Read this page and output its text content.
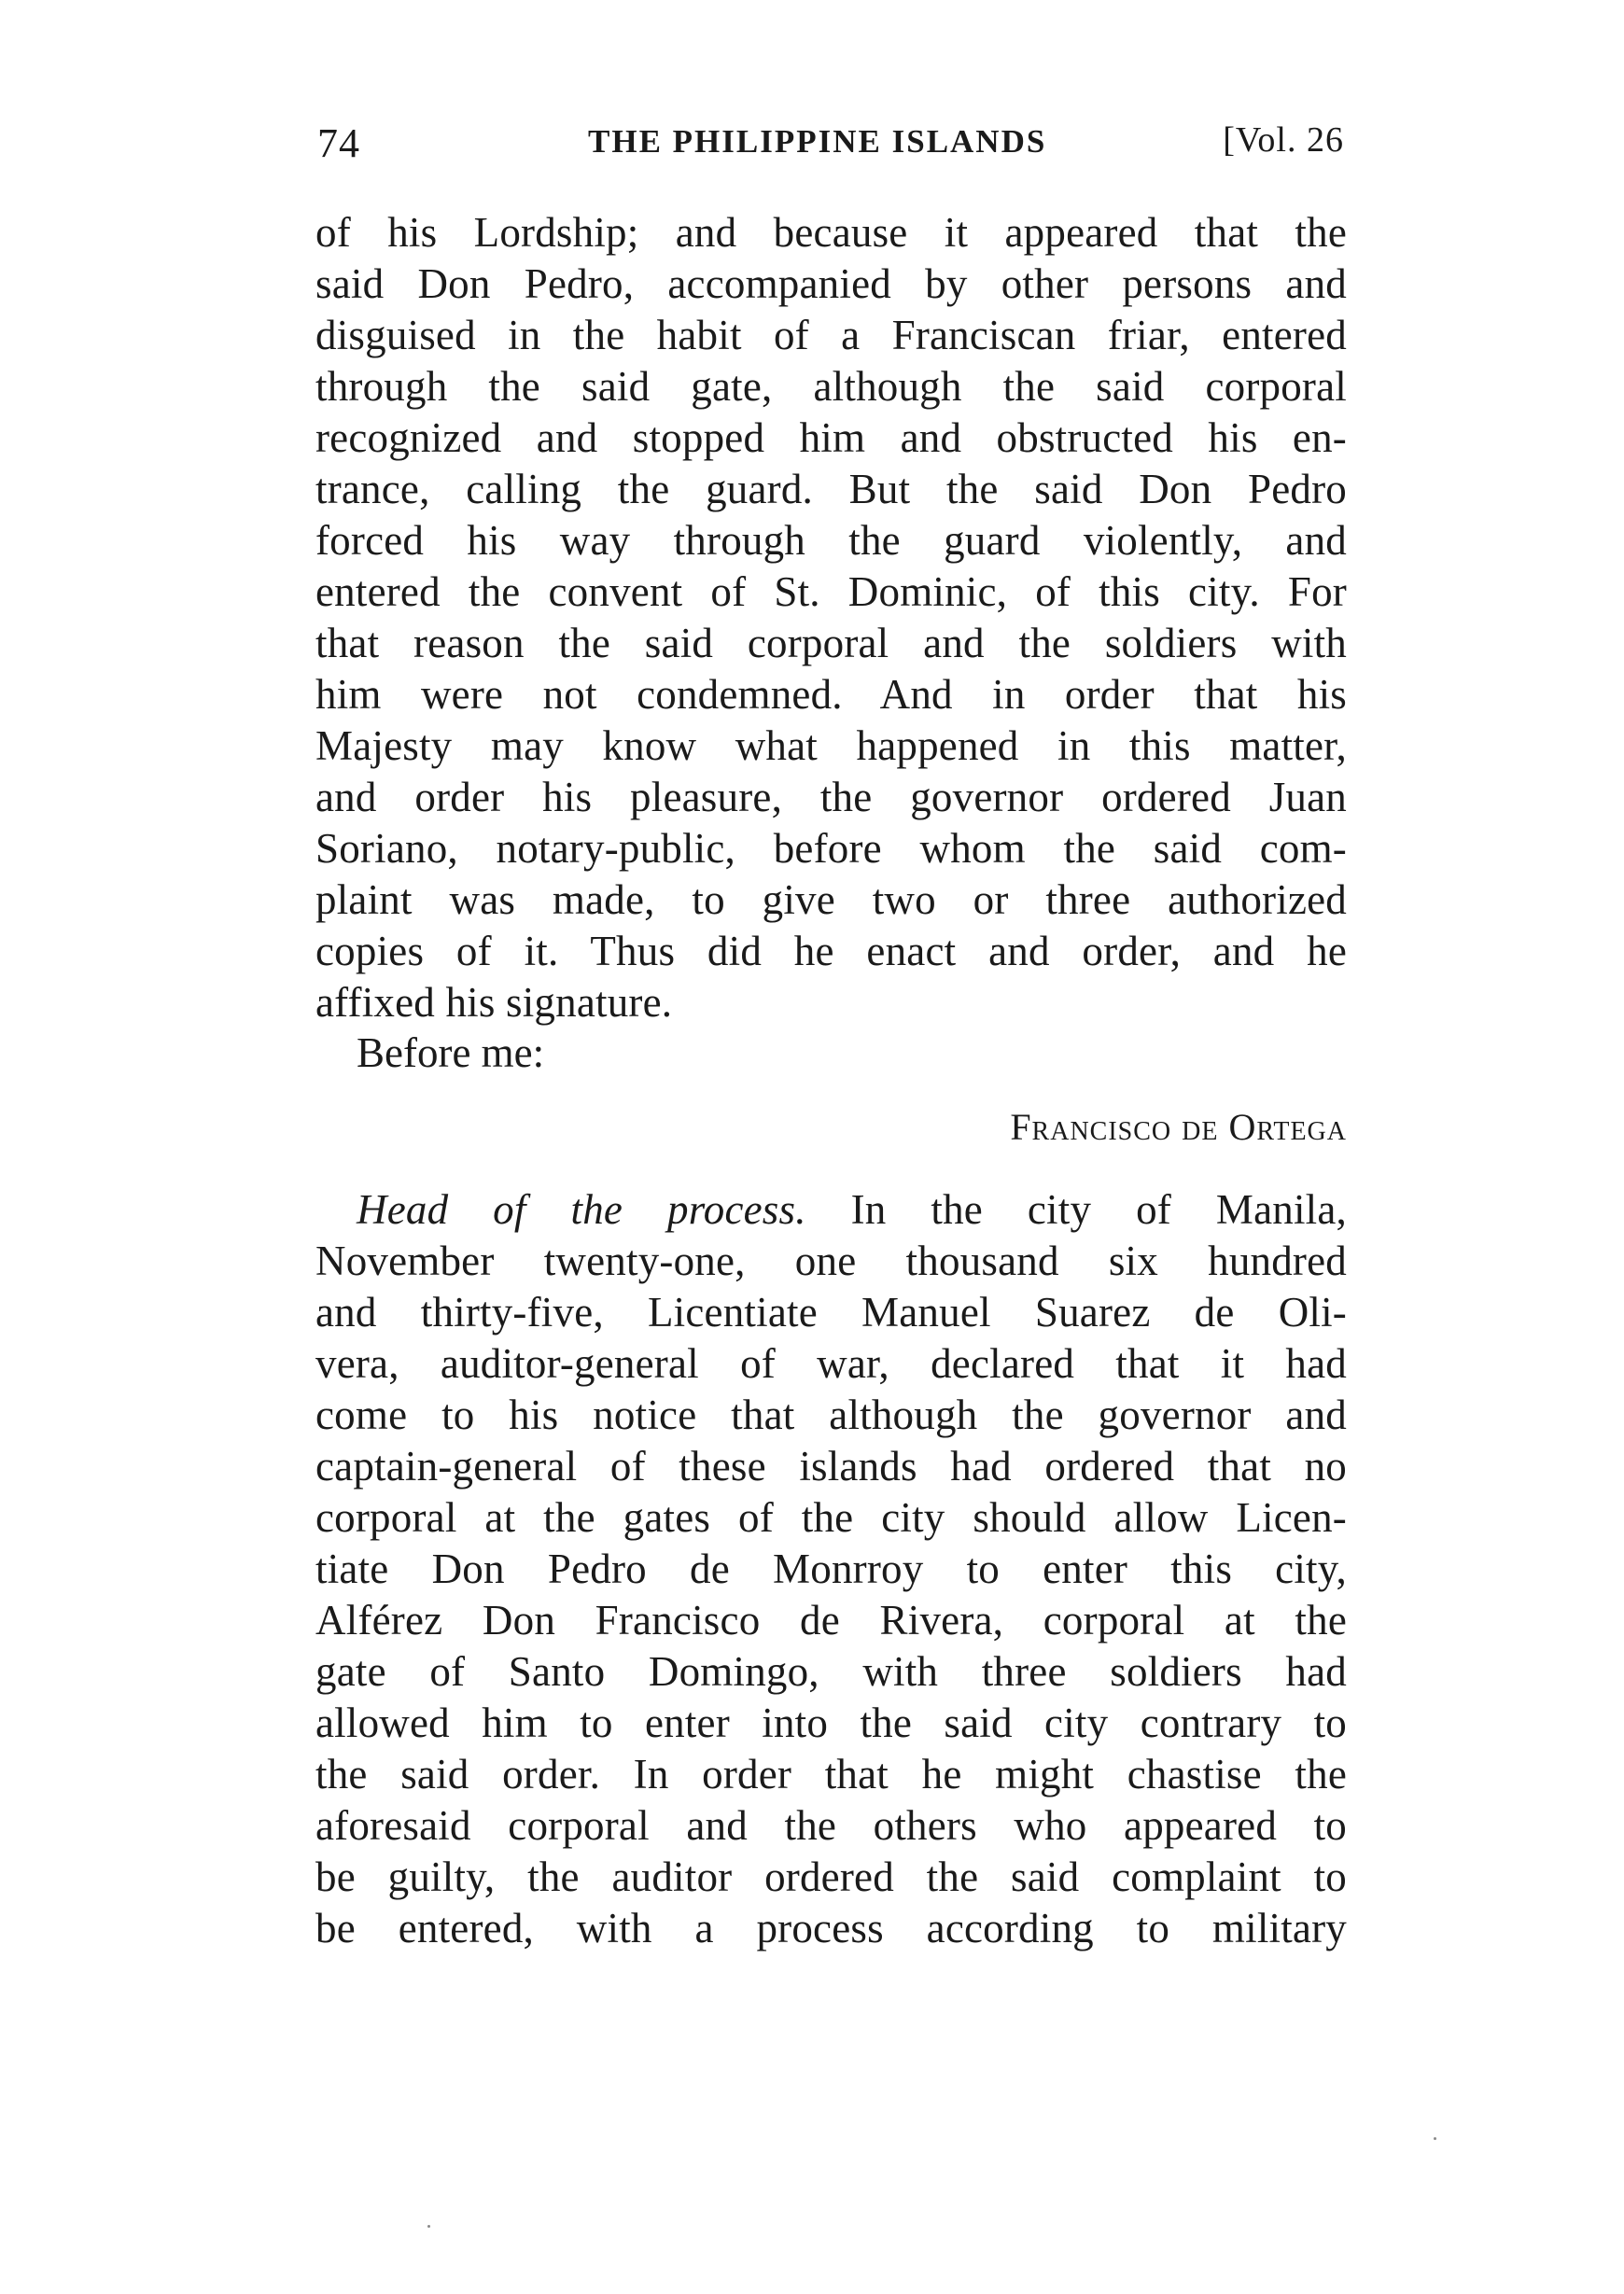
74	THE PHILIPPINE ISLANDS	[Vol. 26
of his Lordship; and because it appeared that the
said Don Pedro, accompanied by other persons and
disguised in the habit of a Franciscan friar, entered
through the said gate, although the said corporal
recognized and stopped him and obstructed his en-
trance, calling the guard. But the said Don Pedro
forced his way through the guard violently, and
entered the convent of St. Dominic, of this city. For
that reason the said corporal and the soldiers with
him were not condemned. And in order that his
Majesty may know what happened in this matter,
and order his pleasure, the governor ordered Juan
Soriano, notary-public, before whom the said com-
plaint was made, to give two or three authorized
copies of it. Thus did he enact and order, and he
affixed his signature.
Before me:
Francisco de Ortega
Head of the process. In the city of Manila,
November twenty-one, one thousand six hundred
and thirty-five, Licentiate Manuel Suarez de Oli-
vera, auditor-general of war, declared that it had
come to his notice that although the governor and
captain-general of these islands had ordered that no
corporal at the gates of the city should allow Licen-
tiate Don Pedro de Monrroy to enter this city,
Alférez Don Francisco de Rivera, corporal at the
gate of Santo Domingo, with three soldiers had
allowed him to enter into the said city contrary to
the said order. In order that he might chastise the
aforesaid corporal and the others who appeared to
be guilty, the auditor ordered the said complaint to
be entered, with a process according to military
